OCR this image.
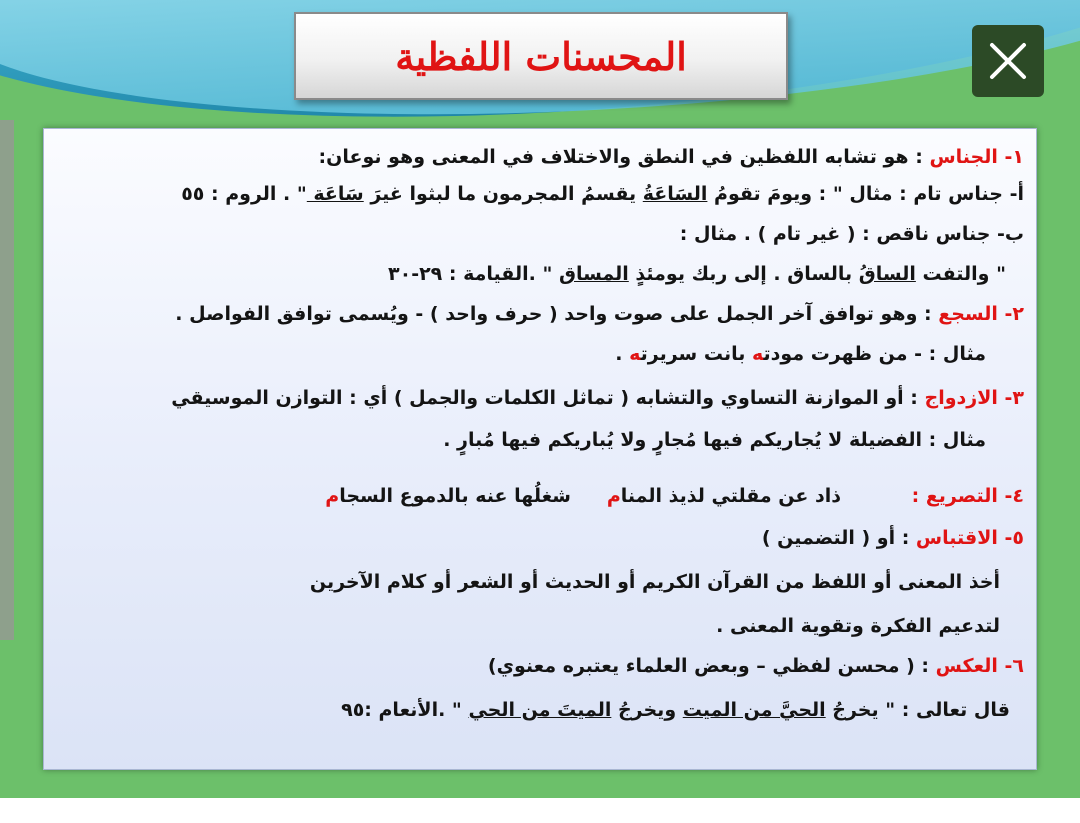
المحسنات اللفظية
١- الجناس : هو تشابه اللفظين في النطق والاختلاف في المعنى وهو نوعان:
أ- جناس تام : مثال " : ويومَ تقومُ السَاعَةُ يقسمُ المجرمون ما لبثوا غيرَ سَاعَة " . الروم : ٥٥
ب- جناس ناقص : ( غير تام ) . مثال :
" والتفت الساقُ بالساق . إلى ربك يومئذٍ المساق " .القيامة : ٢٩-٣٠
٢- السجع : وهو توافق آخر الجمل على صوت واحد ( حرف واحد ) - ويُسمى توافق الفواصل .
مثال : - من ظهرت مودته بانت سريرته .
٣- الازدواج : أو الموازنة التساوي والتشابه ( تماثل الكلمات والجمل ) أي : التوازن الموسيقي
مثال : الفضيلة لا يُجاريكم فيها مُجارٍ ولا يُباريكم فيها مُبارٍ .
٤- التصريع :
ذاد عن مقلتي لذيذ المنام
شغلُها عنه بالدموع السجام
٥- الاقتباس : أو ( التضمين )
أخذ المعنى أو اللفظ من القرآن الكريم أو الحديث أو الشعر أو كلام الآخرين
لتدعيم الفكرة وتقوية المعنى .
٦- العكس : ( محسن لفظي – وبعض العلماء يعتبره معنوي)
قال تعالى : " يخرجُ الحيَّ من الميت ويخرجُ الميتَ من الحي " .الأنعام :٩٥
